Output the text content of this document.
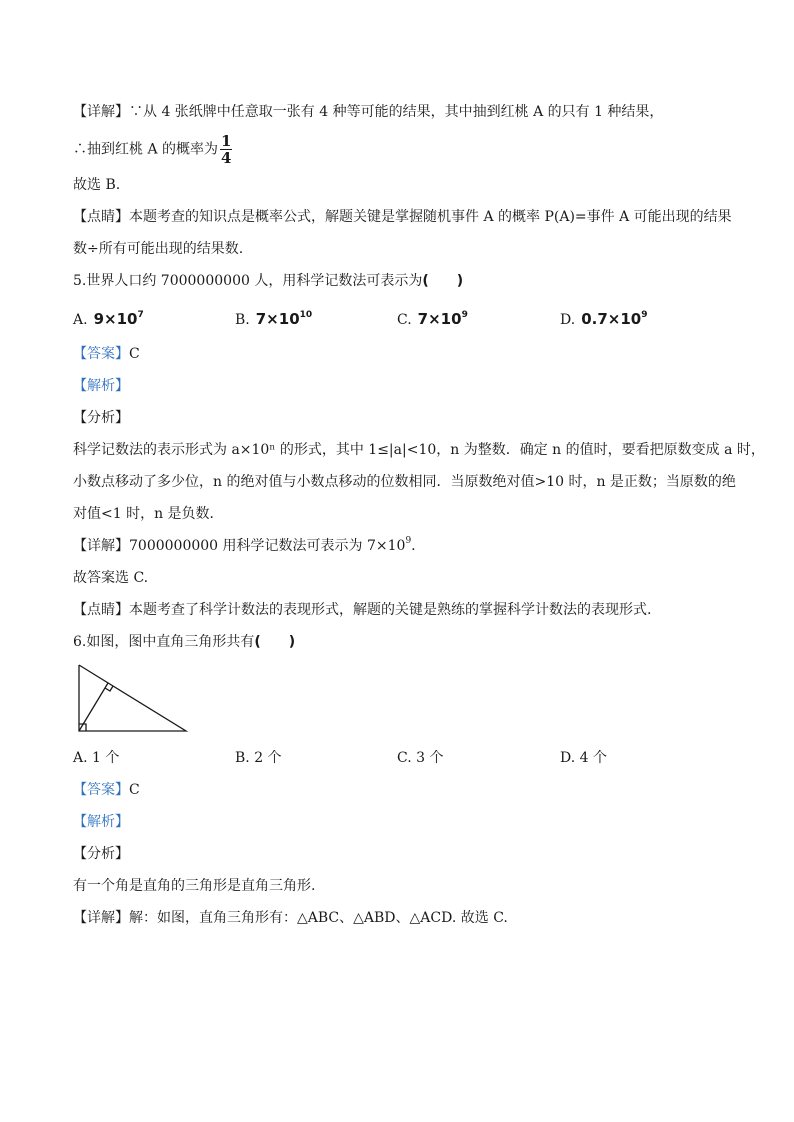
【详解】∵从 4 张纸牌中任意取一张有 4 种等可能的结果，其中抽到红桃 A 的只有 1 种结果，
∴抽到红桃 A 的概率为 $\frac{1}{4}$
故选 B.
【点睛】本题考查的知识点是概率公式，解题关键是掌握随机事件 A 的概率 P(A)=事件 A 可能出现的结果
数÷所有可能出现的结果数.
5.世界人口约 7000000000 人，用科学记数法可表示为( )
A. $9\times 10^7$	B. $7\times 10^{10}$	C. $7\times 10^9$	D. $0.7\times 10^9$
【答案】C
【解析】
【分析】
科学记数法的表示形式为 a×10ⁿ 的形式，其中 1≤|a|<10，n 为整数．确定 n 的值时，要看把原数变成 a 时，
小数点移动了多少位，n 的绝对值与小数点移动的位数相同．当原数绝对值>10 时，n 是正数；当原数的绝
对值<1 时，n 是负数．
【详解】7000000000 用科学记数法可表示为 $7\times 10^9$.
故答案选 C.
【点睛】本题考查了科学计数法的表现形式，解题的关键是熟练的掌握科学计数法的表现形式.
6.如图，图中直角三角形共有( )
A. 1 个	B. 2 个	C. 3 个	D. 4 个
【答案】C
【解析】
【分析】
有一个角是直角的三角形是直角三角形.
【详解】解：如图，直角三角形有：△ABC、△ABD、△ACD. 故选 C.
